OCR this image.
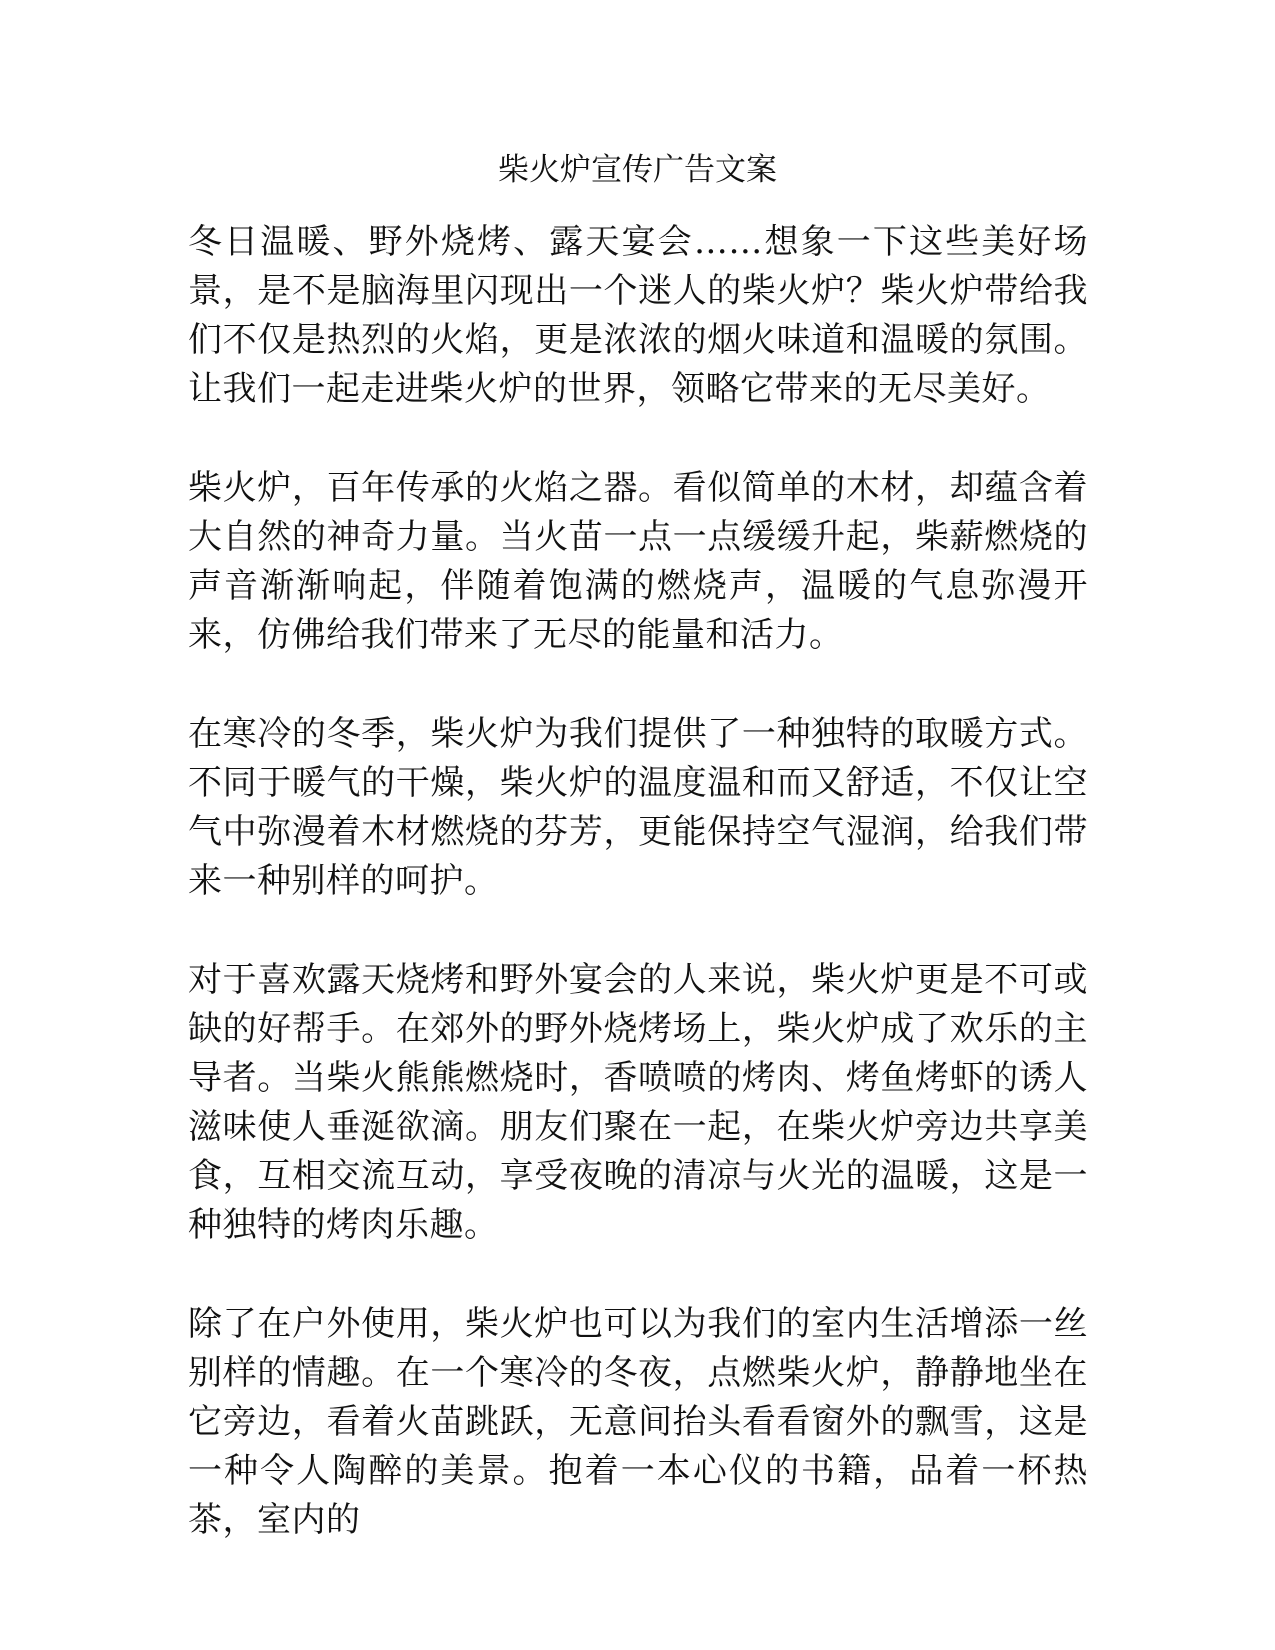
柴火炉宣传广告文案

冬日温暖、野外烧烤、露天宴会……想象一下这些美好场景，是不是脑海里闪现出一个迷人的柴火炉？柴火炉带给我们不仅是热烈的火焰，更是浓浓的烟火味道和温暖的氛围。让我们一起走进柴火炉的世界，领略它带来的无尽美好。

柴火炉，百年传承的火焰之器。看似简单的木材，却蕴含着大自然的神奇力量。当火苗一点一点缓缓升起，柴薪燃烧的声音渐渐响起，伴随着饱满的燃烧声，温暖的气息弥漫开来，仿佛给我们带来了无尽的能量和活力。

在寒冷的冬季，柴火炉为我们提供了一种独特的取暖方式。不同于暖气的干燥，柴火炉的温度温和而又舒适，不仅让空气中弥漫着木材燃烧的芬芳，更能保持空气湿润，给我们带来一种别样的呵护。

对于喜欢露天烧烤和野外宴会的人来说，柴火炉更是不可或缺的好帮手。在郊外的野外烧烤场上，柴火炉成了欢乐的主导者。当柴火熊熊燃烧时，香喷喷的烤肉、烤鱼烤虾的诱人滋味使人垂涎欲滴。朋友们聚在一起，在柴火炉旁边共享美食，互相交流互动，享受夜晚的清凉与火光的温暖，这是一种独特的烤肉乐趣。

除了在户外使用，柴火炉也可以为我们的室内生活增添一丝别样的情趣。在一个寒冷的冬夜，点燃柴火炉，静静地坐在它旁边，看着火苗跳跃，无意间抬头看看窗外的飘雪，这是一种令人陶醉的美景。抱着一本心仪的书籍，品着一杯热茶，室内的
